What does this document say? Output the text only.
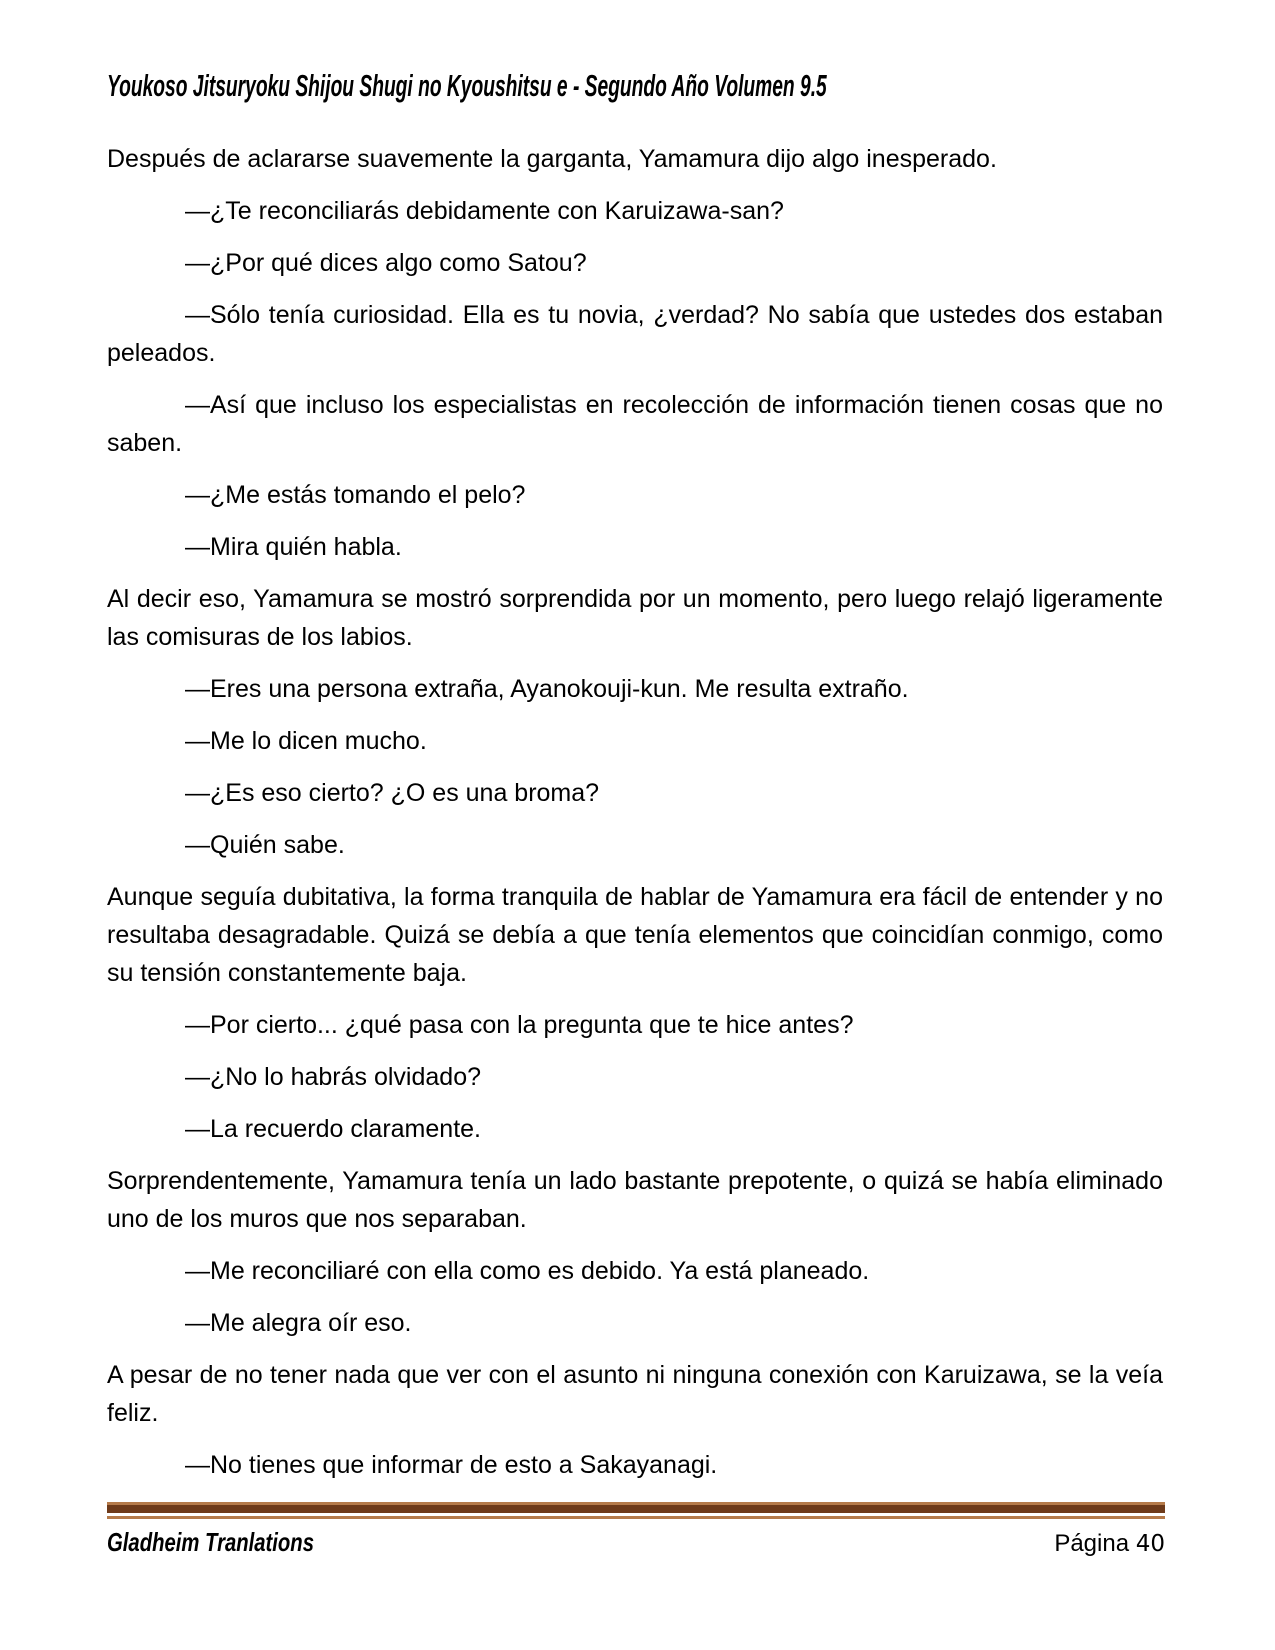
Youkoso Jitsuryoku Shijou Shugi no Kyoushitsu e - Segundo Año Volumen 9.5

Después de aclararse suavemente la garganta, Yamamura dijo algo inesperado.

—¿Te reconciliarás debidamente con Karuizawa-san?

—¿Por qué dices algo como Satou?

—Sólo tenía curiosidad. Ella es tu novia, ¿verdad? No sabía que ustedes dos estaban peleados.

—Así que incluso los especialistas en recolección de información tienen cosas que no saben.

—¿Me estás tomando el pelo?

—Mira quién habla.

Al decir eso, Yamamura se mostró sorprendida por un momento, pero luego relajó ligeramente las comisuras de los labios.

—Eres una persona extraña, Ayanokouji-kun. Me resulta extraño.

—Me lo dicen mucho.

—¿Es eso cierto? ¿O es una broma?

—Quién sabe.

Aunque seguía dubitativa, la forma tranquila de hablar de Yamamura era fácil de entender y no resultaba desagradable. Quizá se debía a que tenía elementos que coincidían conmigo, como su tensión constantemente baja.

—Por cierto... ¿qué pasa con la pregunta que te hice antes?

—¿No lo habrás olvidado?

—La recuerdo claramente.

Sorprendentemente, Yamamura tenía un lado bastante prepotente, o quizá se había eliminado uno de los muros que nos separaban.

—Me reconciliaré con ella como es debido. Ya está planeado.

—Me alegra oír eso.

A pesar de no tener nada que ver con el asunto ni ninguna conexión con Karuizawa, se la veía feliz.

—No tienes que informar de esto a Sakayanagi.

Gladheim Tranlations	Página 40
